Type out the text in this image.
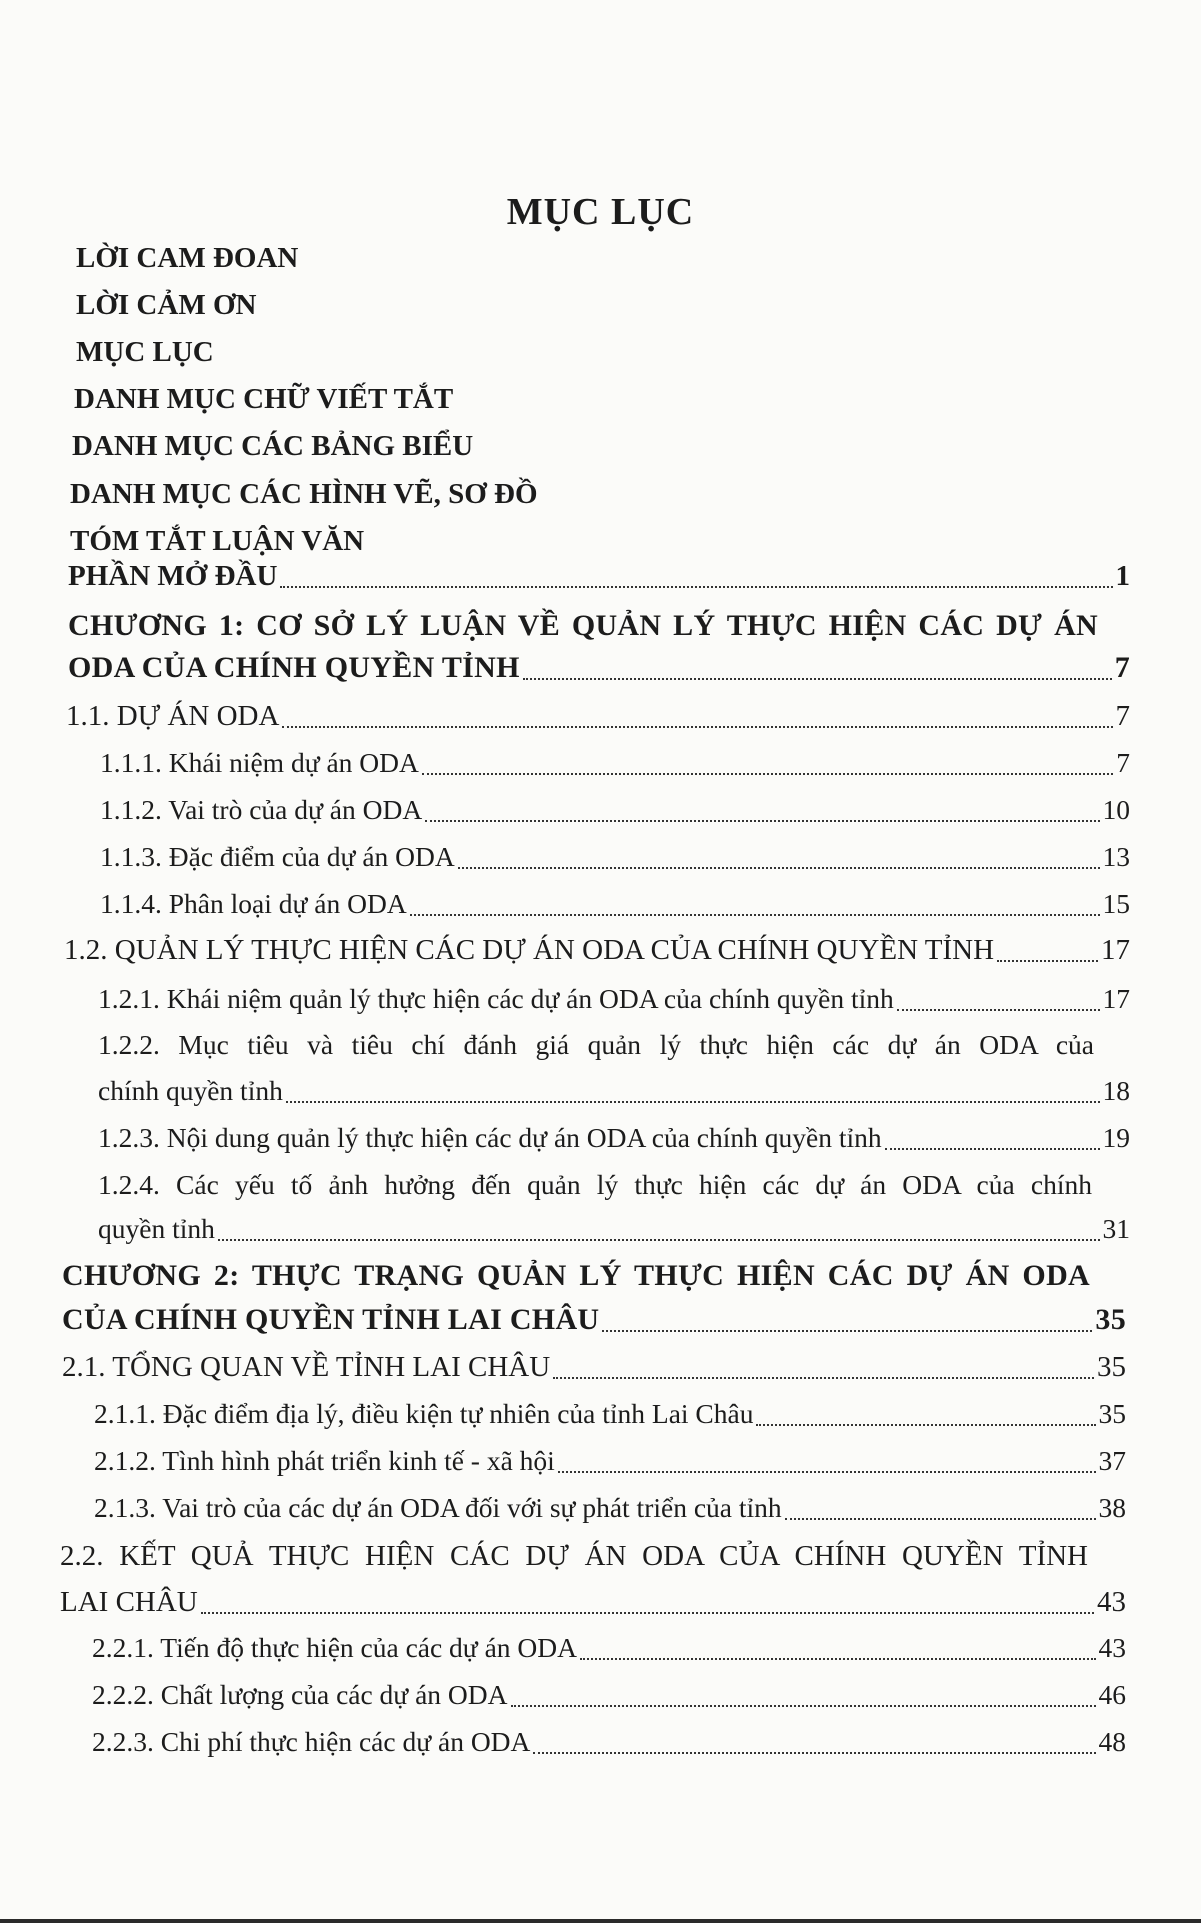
MỤC LỤC
LỜI CAM ĐOAN
LỜI CẢM ƠN
MỤC LỤC
DANH MỤC CHỮ VIẾT TẮT
DANH MỤC CÁC BẢNG BIỂU
DANH MỤC CÁC HÌNH VẼ, SƠ ĐỒ
TÓM TẮT LUẬN VĂN
PHẦN MỞ ĐẦU	1
CHƯƠNG 1: CƠ SỞ LÝ LUẬN VỀ QUẢN LÝ THỰC HIỆN CÁC DỰ ÁN
ODA CỦA CHÍNH QUYỀN TỈNH	7
1.1. DỰ ÁN ODA	7
1.1.1. Khái niệm dự án ODA	7
1.1.2. Vai trò của dự án ODA	10
1.1.3. Đặc điểm của dự án ODA	13
1.1.4. Phân loại dự án ODA	15
1.2. QUẢN LÝ THỰC HIỆN CÁC DỰ ÁN ODA CỦA CHÍNH QUYỀN TỈNH	17
1.2.1. Khái niệm quản lý thực hiện các dự án ODA của chính quyền tỉnh	17
1.2.2. Mục tiêu và tiêu chí đánh giá quản lý thực hiện các dự án ODA của
chính quyền tỉnh	18
1.2.3. Nội dung quản lý thực hiện các dự án ODA của chính quyền tỉnh	19
1.2.4. Các yếu tố ảnh hưởng đến quản lý thực hiện các dự án ODA của chính
quyền tỉnh	31
CHƯƠNG 2: THỰC TRẠNG QUẢN LÝ THỰC HIỆN CÁC DỰ ÁN ODA
CỦA CHÍNH QUYỀN TỈNH LAI CHÂU	35
2.1. TỔNG QUAN VỀ TỈNH LAI CHÂU	35
2.1.1. Đặc điểm địa lý, điều kiện tự nhiên của tỉnh Lai Châu	35
2.1.2. Tình hình phát triển kinh tế - xã hội	37
2.1.3. Vai trò của các dự án ODA đối với sự phát triển của tỉnh	38
2.2. KẾT QUẢ THỰC HIỆN CÁC DỰ ÁN ODA CỦA CHÍNH QUYỀN TỈNH
LAI CHÂU	43
2.2.1. Tiến độ thực hiện của các dự án ODA	43
2.2.2. Chất lượng của các dự án ODA	46
2.2.3. Chi phí thực hiện các dự án ODA	48
